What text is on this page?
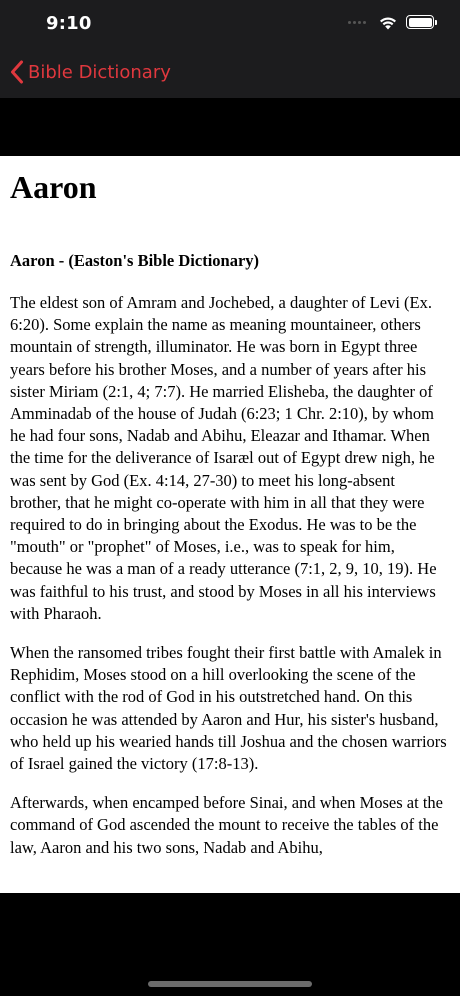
9:10
Bible Dictionary
Aaron

Aaron - (Easton's Bible Dictionary)

The eldest son of Amram and Jochebed, a daughter of Levi (Ex. 6:20). Some explain the name as meaning mountaineer, others mountain of strength, illuminator. He was born in Egypt three years before his brother Moses, and a number of years after his sister Miriam (2:1, 4; 7:7). He married Elisheba, the daughter of Amminadab of the house of Judah (6:23; 1 Chr. 2:10), by whom he had four sons, Nadab and Abihu, Eleazar and Ithamar. When the time for the deliverance of Isaræl out of Egypt drew nigh, he was sent by God (Ex. 4:14, 27-30) to meet his long-absent brother, that he might co-operate with him in all that they were required to do in bringing about the Exodus. He was to be the "mouth" or "prophet" of Moses, i.e., was to speak for him, because he was a man of a ready utterance (7:1, 2, 9, 10, 19). He was faithful to his trust, and stood by Moses in all his interviews with Pharaoh.

When the ransomed tribes fought their first battle with Amalek in Rephidim, Moses stood on a hill overlooking the scene of the conflict with the rod of God in his outstretched hand. On this occasion he was attended by Aaron and Hur, his sister's husband, who held up his wearied hands till Joshua and the chosen warriors of Israel gained the victory (17:8-13).

Afterwards, when encamped before Sinai, and when Moses at the command of God ascended the mount to receive the tables of the law, Aaron and his two sons, Nadab and Abihu,
